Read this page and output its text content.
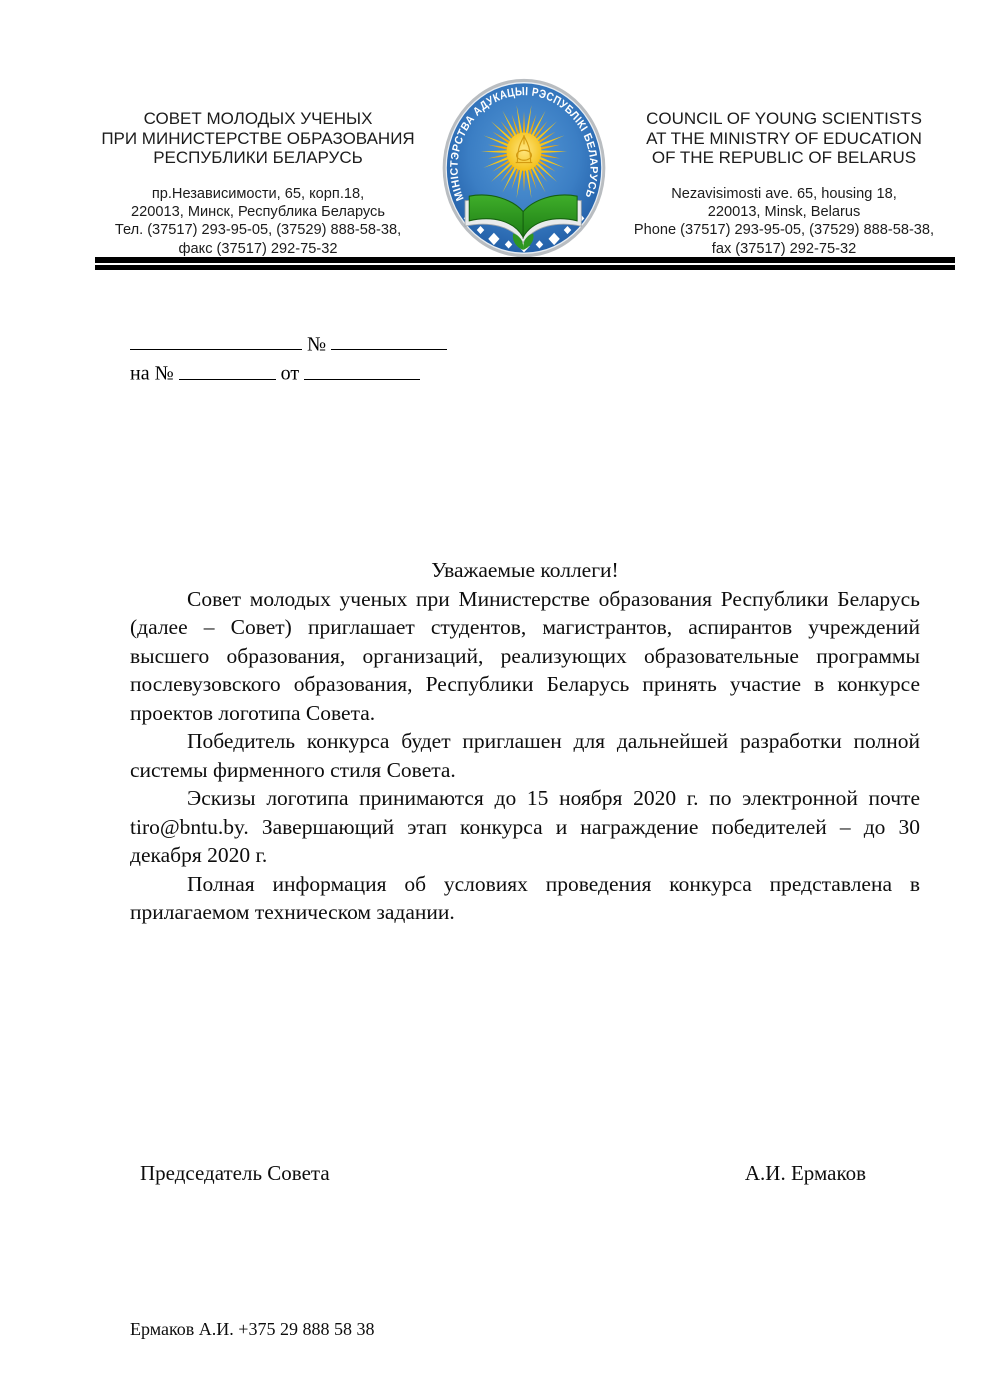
СОВЕТ МОЛОДЫХ УЧЕНЫХ
ПРИ МИНИСТЕРСТВЕ ОБРАЗОВАНИЯ
РЕСПУБЛИКИ БЕЛАРУСЬ
пр.Независимости, 65, корп.18,
220013, Минск, Республика Беларусь
Тел. (37517) 293-95-05, (37529) 888-58-38,
факс (37517) 292-75-32
МІНІСТЭРСТВА АДУКАЦЫІ РЭСПУБЛІКІ БЕЛАРУСЬ
COUNCIL OF YOUNG SCIENTISTS
AT THE MINISTRY OF EDUCATION
OF THE REPUBLIC OF BELARUS
Nezavisimosti ave. 65, housing 18,
220013, Minsk, Belarus
Phone (37517) 293-95-05, (37529) 888-58-38,
fax (37517) 292-75-32
№
на №	от

Уважаемые коллеги!

Совет молодых ученых при Министерстве образования Республики Беларусь (далее – Совет) приглашает студентов, магистрантов, аспирантов учреждений высшего образования, организаций, реализующих образовательные программы послевузовского образования, Республики Беларусь принять участие в конкурсе проектов логотипа Совета.

Победитель конкурса будет приглашен для дальнейшей разработки полной системы фирменного стиля Совета.

Эскизы логотипа принимаются до 15 ноября 2020 г. по электронной почте tiro@bntu.by. Завершающий этап конкурса и награждение победителей – до 30 декабря 2020 г.

Полная информация об условиях проведения конкурса представлена в прилагаемом техническом задании.

Председатель Совета	А.И. Ермаков
Ермаков А.И. +375 29 888 58 38
